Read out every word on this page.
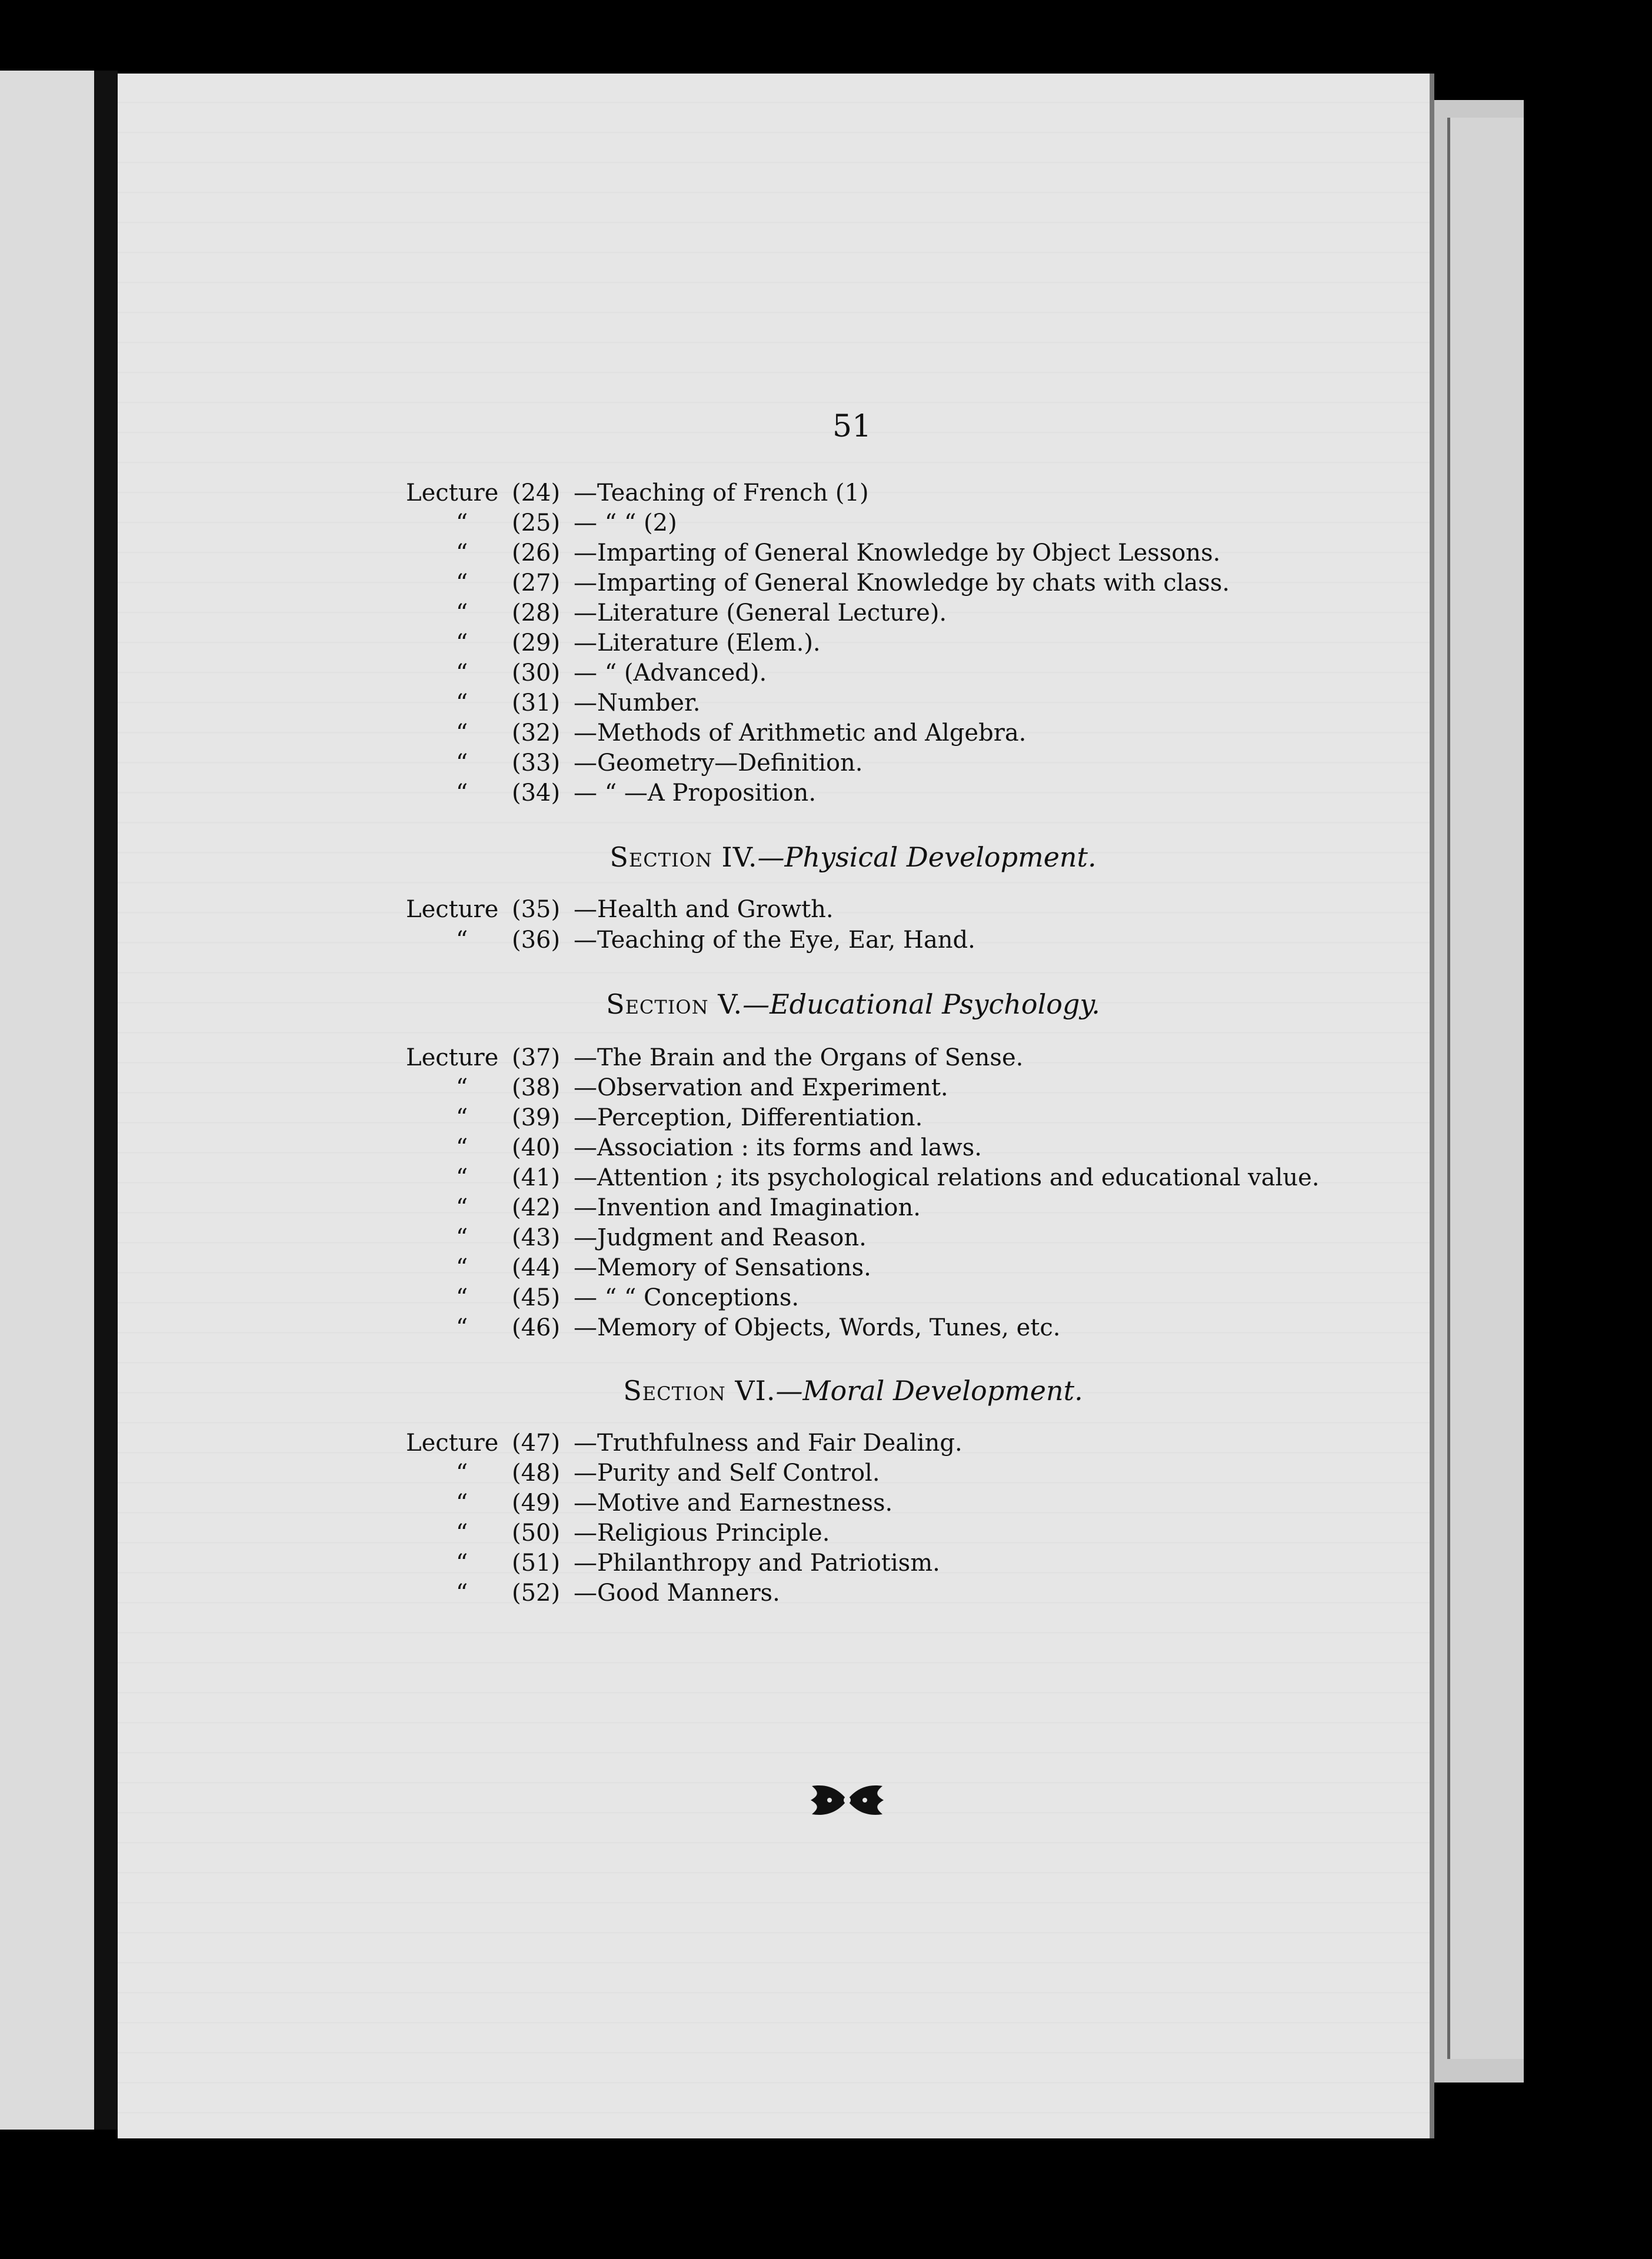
51
Lecture (24) —Teaching of French (1)
“ (25) — “ “ (2)
“ (26) —Imparting of General Knowledge by Object Lessons.
“ (27) —Imparting of General Knowledge by chats with class.
“ (28) —Literature (General Lecture).
“ (29) —Literature (Elem.).
“ (30) — “ (Advanced).
“ (31) —Number.
“ (32) —Methods of Arithmetic and Algebra.
“ (33) —Geometry—Definition.
“ (34) — “ —A Proposition.
Section IV.—Physical Development.
Lecture (35) —Health and Growth.
“ (36) —Teaching of the Eye, Ear, Hand.
Section V.—Educational Psychology.
Lecture (37) —The Brain and the Organs of Sense.
“ (38) —Observation and Experiment.
“ (39) —Perception, Differentiation.
“ (40) —Association : its forms and laws.
“ (41) —Attention ; its psychological relations and educational value.
“ (42) —Invention and Imagination.
“ (43) —Judgment and Reason.
“ (44) —Memory of Sensations.
“ (45) — “ “ Conceptions.
“ (46) —Memory of Objects, Words, Tunes, etc.
Section VI.—Moral Development.
Lecture (47) —Truthfulness and Fair Dealing.
“ (48) —Purity and Self Control.
“ (49) —Motive and Earnestness.
“ (50) —Religious Principle.
“ (51) —Philanthropy and Patriotism.
“ (52) —Good Manners.
